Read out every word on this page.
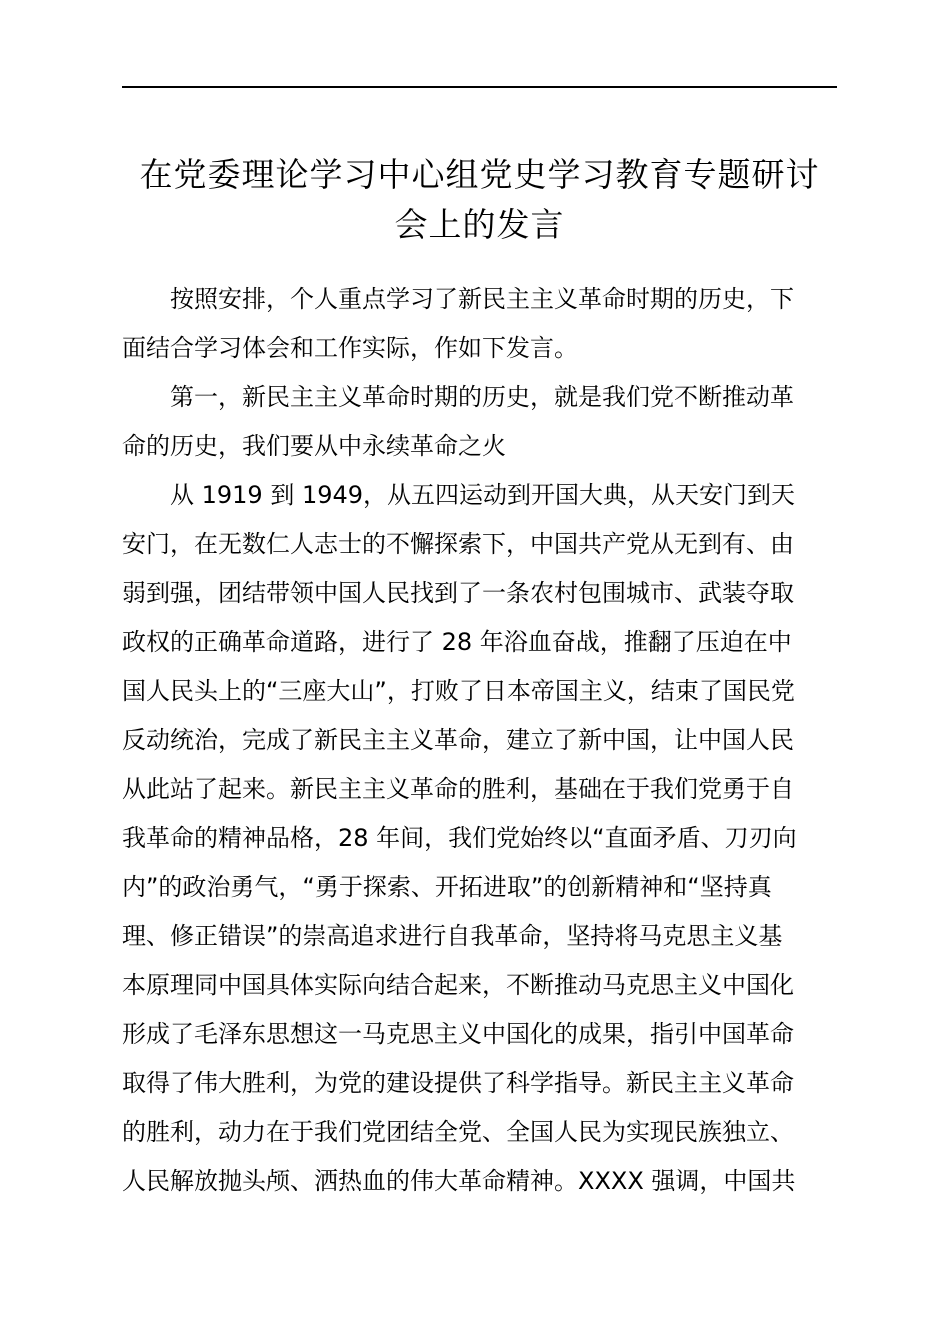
在党委理论学习中心组党史学习教育专题研讨
会上的发言

按照安排，个人重点学习了新民主主义革命时期的历史，下
面结合学习体会和工作实际，作如下发言。

第一，新民主主义革命时期的历史，就是我们党不断推动革
命的历史，我们要从中永续革命之火

从 1919 到 1949，从五四运动到开国大典，从天安门到天
安门，在无数仁人志士的不懈探索下，中国共产党从无到有、由
弱到强，团结带领中国人民找到了一条农村包围城市、武装夺取
政权的正确革命道路，进行了 28 年浴血奋战，推翻了压迫在中
国人民头上的“三座大山”，打败了日本帝国主义，结束了国民党
反动统治，完成了新民主主义革命，建立了新中国，让中国人民
从此站了起来。新民主主义革命的胜利，基础在于我们党勇于自
我革命的精神品格，28 年间，我们党始终以“直面矛盾、刀刃向
内”的政治勇气，“勇于探索、开拓进取”的创新精神和“坚持真
理、修正错误”的崇高追求进行自我革命，坚持将马克思主义基
本原理同中国具体实际向结合起来，不断推动马克思主义中国化
形成了毛泽东思想这一马克思主义中国化的成果，指引中国革命
取得了伟大胜利，为党的建设提供了科学指导。新民主主义革命
的胜利，动力在于我们党团结全党、全国人民为实现民族独立、
人民解放抛头颅、洒热血的伟大革命精神。XXXX 强调，中国共
